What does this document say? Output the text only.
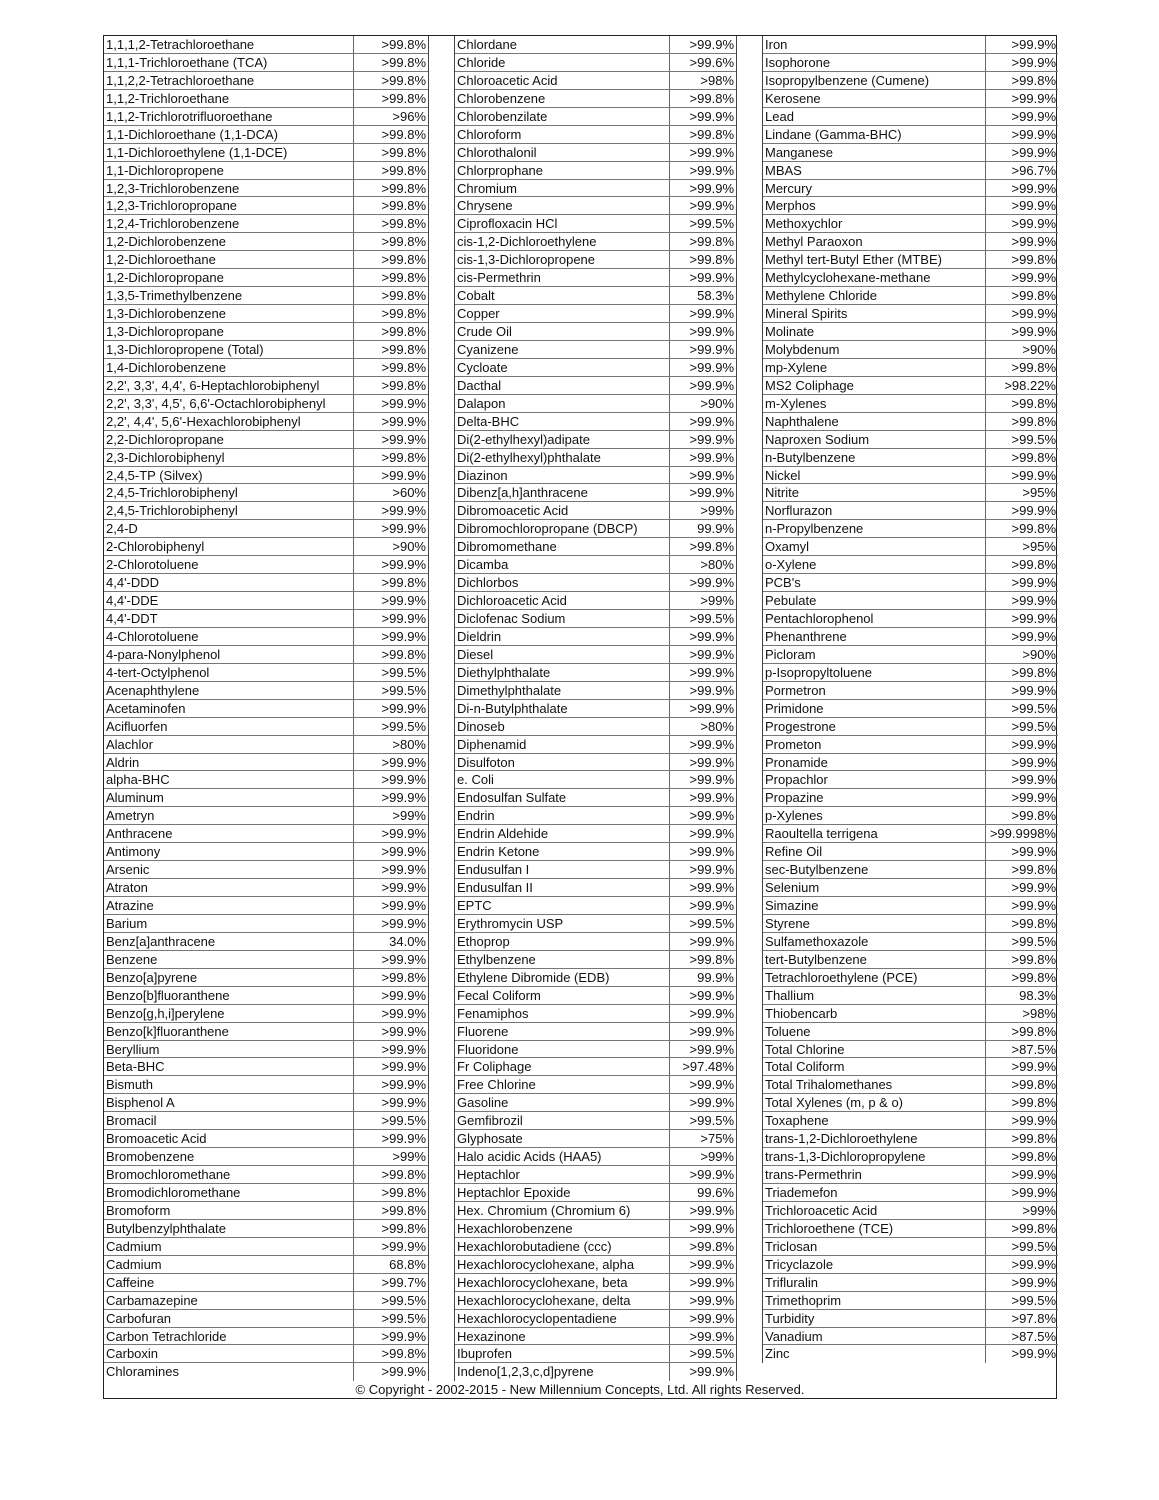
1,1,1,2-Tetrachloroethane	>99.8%
1,1,1-Trichloroethane (TCA)	>99.8%
1,1,2,2-Tetrachloroethane	>99.8%
1,1,2-Trichloroethane	>99.8%
1,1,2-Trichlorotrifluoroethane	>96%
1,1-Dichloroethane (1,1-DCA)	>99.8%
1,1-Dichloroethylene (1,1-DCE)	>99.8%
1,1-Dichloropropene	>99.8%
1,2,3-Trichlorobenzene	>99.8%
1,2,3-Trichloropropane	>99.8%
1,2,4-Trichlorobenzene	>99.8%
1,2-Dichlorobenzene	>99.8%
1,2-Dichloroethane	>99.8%
1,2-Dichloropropane	>99.8%
1,3,5-Trimethylbenzene	>99.8%
1,3-Dichlorobenzene	>99.8%
1,3-Dichloropropane	>99.8%
1,3-Dichloropropene (Total)	>99.8%
1,4-Dichlorobenzene	>99.8%
2,2', 3,3', 4,4', 6-Heptachlorobiphenyl	>99.8%
2,2', 3,3', 4,5', 6,6'-Octachlorobiphenyl	>99.9%
2,2', 4,4', 5,6'-Hexachlorobiphenyl	>99.9%
2,2-Dichloropropane	>99.9%
2,3-Dichlorobiphenyl	>99.8%
2,4,5-TP (Silvex)	>99.9%
2,4,5-Trichlorobiphenyl	>60%
2,4,5-Trichlorobiphenyl	>99.9%
2,4-D	>99.9%
2-Chlorobiphenyl	>90%
2-Chlorotoluene	>99.9%
4,4'-DDD	>99.8%
4,4'-DDE	>99.9%
4,4'-DDT	>99.9%
4-Chlorotoluene	>99.9%
4-para-Nonylphenol	>99.8%
4-tert-Octylphenol	>99.5%
Acenaphthylene	>99.5%
Acetaminofen	>99.9%
Acifluorfen	>99.5%
Alachlor	>80%
Aldrin	>99.9%
alpha-BHC	>99.9%
Aluminum	>99.9%
Ametryn	>99%
Anthracene	>99.9%
Antimony	>99.9%
Arsenic	>99.9%
Atraton	>99.9%
Atrazine	>99.9%
Barium	>99.9%
Benz[a]anthracene	34.0%
Benzene	>99.9%
Benzo[a]pyrene	>99.8%
Benzo[b]fluoranthene	>99.9%
Benzo[g,h,i]perylene	>99.9%
Benzo[k]fluoranthene	>99.9%
Beryllium	>99.9%
Beta-BHC	>99.9%
Bismuth	>99.9%
Bisphenol A	>99.9%
Bromacil	>99.5%
Bromoacetic Acid	>99.9%
Bromobenzene	>99%
Bromochloromethane	>99.8%
Bromodichloromethane	>99.8%
Bromoform	>99.8%
Butylbenzylphthalate	>99.8%
Cadmium	>99.9%
Cadmium	68.8%
Caffeine	>99.7%
Carbamazepine	>99.5%
Carbofuran	>99.5%
Carbon Tetrachloride	>99.9%
Carboxin	>99.8%
Chloramines	>99.9%
Chlordane	>99.9%
Chloride	>99.6%
Chloroacetic Acid	>98%
Chlorobenzene	>99.8%
Chlorobenzilate	>99.9%
Chloroform	>99.8%
Chlorothalonil	>99.9%
Chlorprophane	>99.9%
Chromium	>99.9%
Chrysene	>99.9%
Ciprofloxacin HCl	>99.5%
cis-1,2-Dichloroethylene	>99.8%
cis-1,3-Dichloropropene	>99.8%
cis-Permethrin	>99.9%
Cobalt	58.3%
Copper	>99.9%
Crude Oil	>99.9%
Cyanizene	>99.9%
Cycloate	>99.9%
Dacthal	>99.9%
Dalapon	>90%
Delta-BHC	>99.9%
Di(2-ethylhexyl)adipate	>99.9%
Di(2-ethylhexyl)phthalate	>99.9%
Diazinon	>99.9%
Dibenz[a,h]anthracene	>99.9%
Dibromoacetic Acid	>99%
Dibromochloropropane (DBCP)	99.9%
Dibromomethane	>99.8%
Dicamba	>80%
Dichlorbos	>99.9%
Dichloroacetic Acid	>99%
Diclofenac Sodium	>99.5%
Dieldrin	>99.9%
Diesel	>99.9%
Diethylphthalate	>99.9%
Dimethylphthalate	>99.9%
Di-n-Butylphthalate	>99.9%
Dinoseb	>80%
Diphenamid	>99.9%
Disulfoton	>99.9%
e. Coli	>99.9%
Endosulfan Sulfate	>99.9%
Endrin	>99.9%
Endrin Aldehide	>99.9%
Endrin Ketone	>99.9%
Endusulfan I	>99.9%
Endusulfan II	>99.9%
EPTC	>99.9%
Erythromycin USP	>99.5%
Ethoprop	>99.9%
Ethylbenzene	>99.8%
Ethylene Dibromide (EDB)	99.9%
Fecal Coliform	>99.9%
Fenamiphos	>99.9%
Fluorene	>99.9%
Fluoridone	>99.9%
Fr Coliphage	>97.48%
Free Chlorine	>99.9%
Gasoline	>99.9%
Gemfibrozil	>99.5%
Glyphosate	>75%
Halo acidic Acids (HAA5)	>99%
Heptachlor	>99.9%
Heptachlor Epoxide	99.6%
Hex. Chromium (Chromium 6)	>99.9%
Hexachlorobenzene	>99.9%
Hexachlorobutadiene (ccc)	>99.8%
Hexachlorocyclohexane, alpha	>99.9%
Hexachlorocyclohexane, beta	>99.9%
Hexachlorocyclohexane, delta	>99.9%
Hexachlorocyclopentadiene	>99.9%
Hexazinone	>99.9%
Ibuprofen	>99.5%
Indeno[1,2,3,c,d]pyrene	>99.9%
Iron	>99.9%
Isophorone	>99.9%
Isopropylbenzene (Cumene)	>99.8%
Kerosene	>99.9%
Lead	>99.9%
Lindane (Gamma-BHC)	>99.9%
Manganese	>99.9%
MBAS	>96.7%
Mercury	>99.9%
Merphos	>99.9%
Methoxychlor	>99.9%
Methyl Paraoxon	>99.9%
Methyl tert-Butyl Ether (MTBE)	>99.8%
Methylcyclohexane-methane	>99.9%
Methylene Chloride	>99.8%
Mineral Spirits	>99.9%
Molinate	>99.9%
Molybdenum	>90%
mp-Xylene	>99.8%
MS2 Coliphage	>98.22%
m-Xylenes	>99.8%
Naphthalene	>99.8%
Naproxen Sodium	>99.5%
n-Butylbenzene	>99.8%
Nickel	>99.9%
Nitrite	>95%
Norflurazon	>99.9%
n-Propylbenzene	>99.8%
Oxamyl	>95%
o-Xylene	>99.8%
PCB's	>99.9%
Pebulate	>99.9%
Pentachlorophenol	>99.9%
Phenanthrene	>99.9%
Picloram	>90%
p-Isopropyltoluene	>99.8%
Pormetron	>99.9%
Primidone	>99.5%
Progestrone	>99.5%
Prometon	>99.9%
Pronamide	>99.9%
Propachlor	>99.9%
Propazine	>99.9%
p-Xylenes	>99.8%
Raoultella terrigena	>99.9998%
Refine Oil	>99.9%
sec-Butylbenzene	>99.8%
Selenium	>99.9%
Simazine	>99.9%
Styrene	>99.8%
Sulfamethoxazole	>99.5%
tert-Butylbenzene	>99.8%
Tetrachloroethylene (PCE)	>99.8%
Thallium	98.3%
Thiobencarb	>98%
Toluene	>99.8%
Total Chlorine	>87.5%
Total Coliform	>99.9%
Total Trihalomethanes	>99.8%
Total Xylenes (m, p & o)	>99.8%
Toxaphene	>99.9%
trans-1,2-Dichloroethylene	>99.8%
trans-1,3-Dichloropropylene	>99.8%
trans-Permethrin	>99.9%
Triademefon	>99.9%
Trichloroacetic Acid	>99%
Trichloroethene (TCE)	>99.8%
Triclosan	>99.5%
Tricyclazole	>99.9%
Trifluralin	>99.9%
Trimethoprim	>99.5%
Turbidity	>97.8%
Vanadium	>87.5%
Zinc	>99.9%
© Copyright - 2002-2015 - New Millennium Concepts, Ltd. All rights Reserved.
